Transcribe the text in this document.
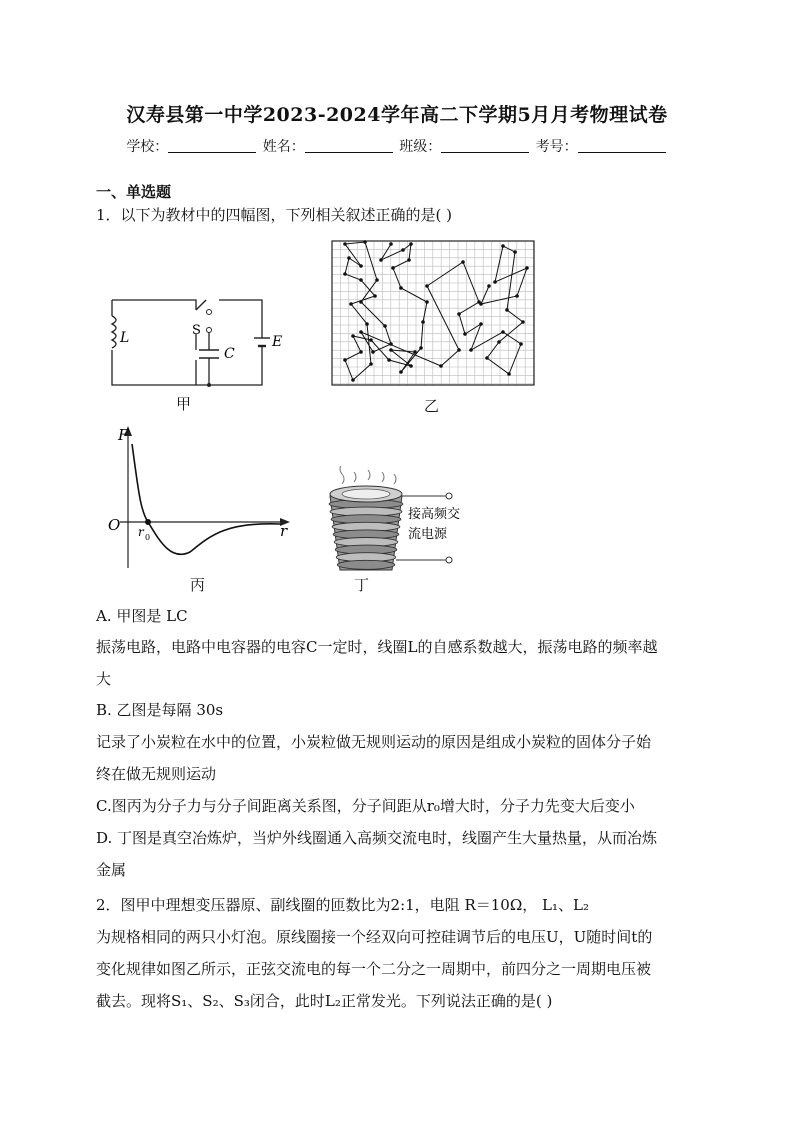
汉寿县第一中学2023-2024学年高二下学期5月月考物理试卷
学校：	姓名：	班级：	考号：
一、单选题
1．以下为教材中的四幅图，下列相关叙述正确的是( )
L	S
C
E
甲	乙
F
O r 0	r
丙
接高频交
流电源
丁
A. 甲图是 LC
振荡电路，电路中电容器的电容C一定时，线圈L的自感系数越大，振荡电路的频率越
大
B. 乙图是每隔 30s
记录了小炭粒在水中的位置，小炭粒做无规则运动的原因是组成小炭粒的固体分子始
终在做无规则运动
C.图丙为分子力与分子间距离关系图，分子间距从r₀增大时，分子力先变大后变小
D. 丁图是真空冶炼炉，当炉外线圈通入高频交流电时，线圈产生大量热量，从而冶炼
金属
2．图甲中理想变压器原、副线圈的匝数比为2:1，电阻 R＝10Ω， L₁、L₂
为规格相同的两只小灯泡。原线圈接一个经双向可控硅调节后的电压U，U随时间t的
变化规律如图乙所示，正弦交流电的每一个二分之一周期中，前四分之一周期电压被
截去。现将S₁、S₂、S₃闭合，此时L₂正常发光。下列说法正确的是( )
